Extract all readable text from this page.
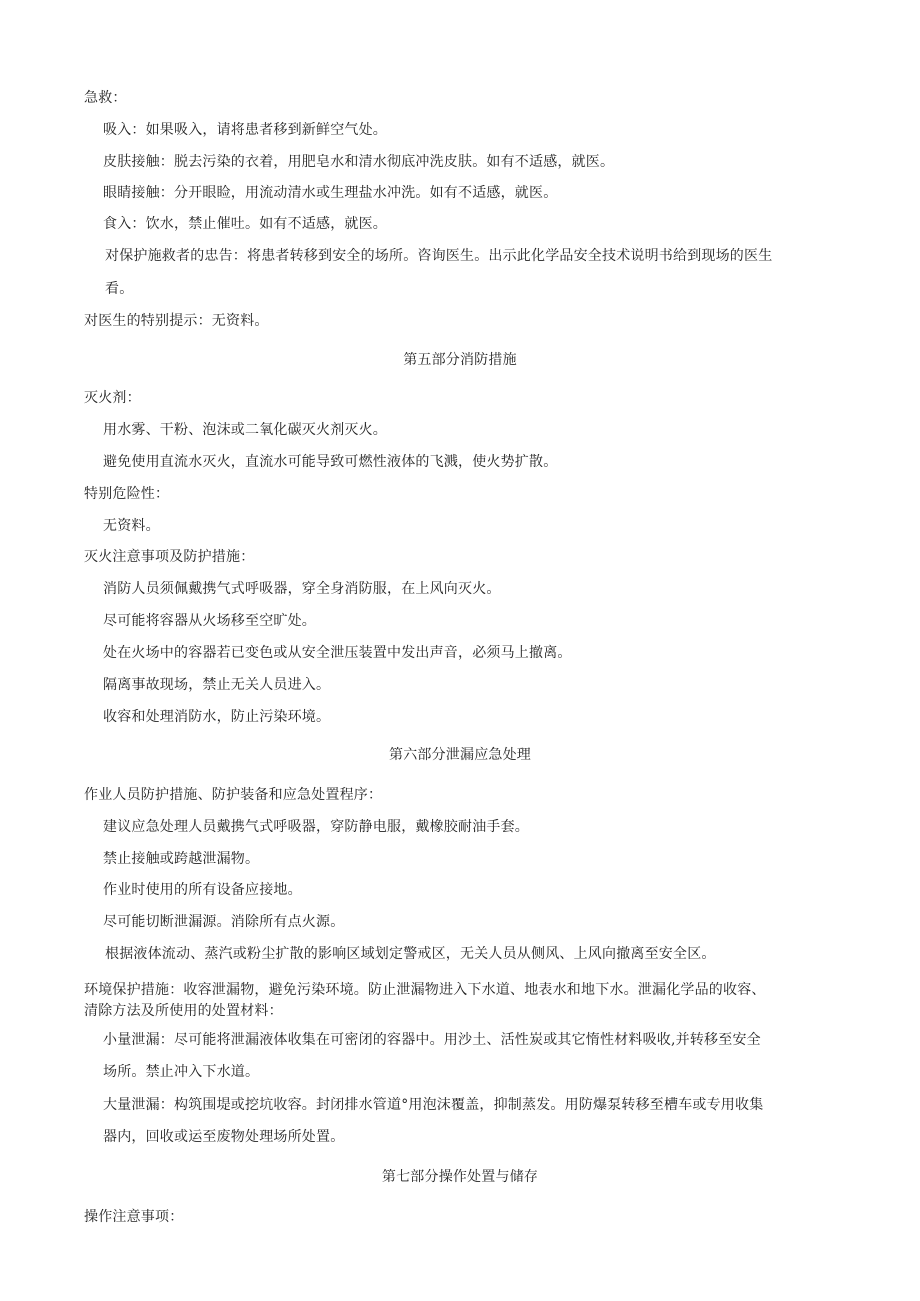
急救：
吸入：如果吸入，请将患者移到新鲜空气处。
皮肤接触：脱去污染的衣着，用肥皂水和清水彻底冲洗皮肤。如有不适感，就医。
眼睛接触：分开眼睑，用流动清水或生理盐水冲洗。如有不适感，就医。
食入：饮水，禁止催吐。如有不适感，就医。
对保护施救者的忠告：将患者转移到安全的场所。咨询医生。出示此化学品安全技术说明书给到现场的医生
看。
对医生的特别提示：无资料。
第五部分消防措施
灭火剂：
用水雾、干粉、泡沫或二氧化碳灭火剂灭火。
避免使用直流水灭火，直流水可能导致可燃性液体的飞溅，使火势扩散。
特别危险性：
无资料。
灭火注意事项及防护措施：
消防人员须佩戴携气式呼吸器，穿全身消防服，在上风向灭火。
尽可能将容器从火场移至空旷处。
处在火场中的容器若已变色或从安全泄压装置中发出声音，必须马上撤离。
隔离事故现场，禁止无关人员进入。
收容和处理消防水，防止污染环境。
第六部分泄漏应急处理
作业人员防护措施、防护装备和应急处置程序：
建议应急处理人员戴携气式呼吸器，穿防静电服，戴橡胶耐油手套。
禁止接触或跨越泄漏物。
作业时使用的所有设备应接地。
尽可能切断泄漏源。消除所有点火源。
根据液体流动、蒸汽或粉尘扩散的影响区域划定警戒区，无关人员从侧风、上风向撤离至安全区。
环境保护措施：收容泄漏物，避免污染环境。防止泄漏物进入下水道、地表水和地下水。泄漏化学品的收容、
清除方法及所使用的处置材料：
小量泄漏：尽可能将泄漏液体收集在可密闭的容器中。用沙土、活性炭或其它惰性材料吸收,并转移至安全
场所。禁止冲入下水道。
大量泄漏：构筑围堤或挖坑收容。封闭排水管道°用泡沫覆盖，抑制蒸发。用防爆泵转移至槽车或专用收集
器内，回收或运至废物处理场所处置。
第七部分操作处置与储存
操作注意事项：
